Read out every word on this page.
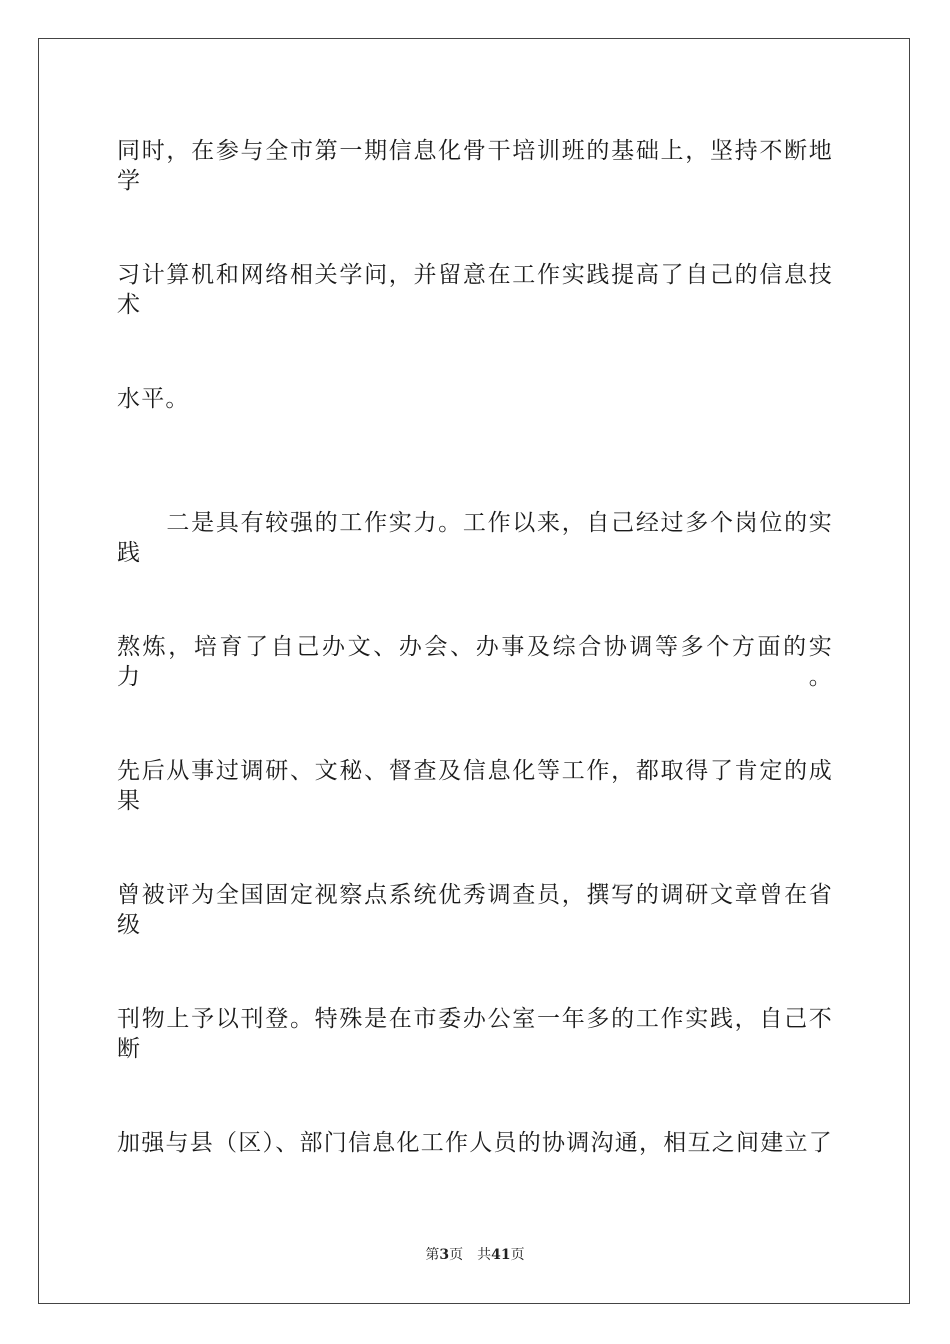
同时，在参与全市第一期信息化骨干培训班的基础上，坚持不断地学
习计算机和网络相关学问，并留意在工作实践提高了自己的信息技术
水平。
　　二是具有较强的工作实力。工作以来，自己经过多个岗位的实践
熬炼，培育了自己办文、办会、办事及综合协调等多个方面的实力。
先后从事过调研、文秘、督查及信息化等工作，都取得了肯定的成果
曾被评为全国固定视察点系统优秀调查员，撰写的调研文章曾在省级
刊物上予以刊登。特殊是在市委办公室一年多的工作实践，自己不断
加强与县（区）、部门信息化工作人员的协调沟通，相互之间建立了
第3页 共41页
